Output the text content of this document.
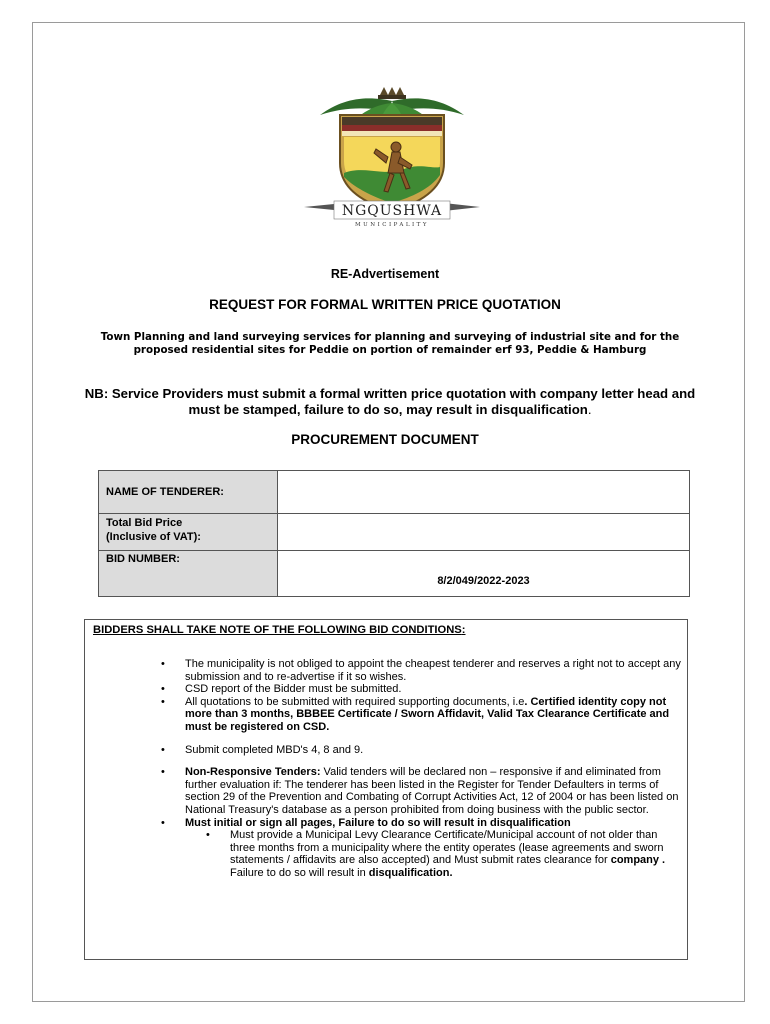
NGQUSHWA
MUNICIPALITY
RE-Advertisement
REQUEST FOR FORMAL WRITTEN PRICE QUOTATION
Town Planning and land surveying services for planning and surveying of industrial site and for the proposed residential sites for Peddie on portion of remainder erf 93, Peddie & Hamburg
NB: Service Providers must submit a formal written price quotation with company letter head and must be stamped, failure to do so, may result in disqualification.
PROCUREMENT DOCUMENT
NAME OF TENDERER:	

Total Bid Price
(Inclusive of VAT):	

BID NUMBER:	8/2/049/2022-2023
BIDDERS SHALL TAKE NOTE OF THE FOLLOWING BID CONDITIONS:
• The municipality is not obliged to appoint the cheapest tenderer and reserves a right not to accept any submission and to re-advertise if it so wishes.
• CSD report of the Bidder must be submitted.
• All quotations to be submitted with required supporting documents, i.e. Certified identity copy not more than 3 months, BBBEE Certificate / Sworn Affidavit, Valid Tax Clearance Certificate and must be registered on CSD.
• Submit completed MBD's 4, 8 and 9.
• Non-Responsive Tenders: Valid tenders will be declared non – responsive if and eliminated from further evaluation if: The tenderer has been listed in the Register for Tender Defaulters in terms of section 29 of the Prevention and Combating of Corrupt Activities Act, 12 of 2004 or has been listed on National Treasury's database as a person prohibited from doing business with the public sector.
• Must initial or sign all pages, Failure to do so will result in disqualification
• Must provide a Municipal Levy Clearance Certificate/Municipal account of not older than three months from a municipality where the entity operates (lease agreements and sworn statements / affidavits are also accepted) and Must submit rates clearance for company . Failure to do so will result in disqualification.
